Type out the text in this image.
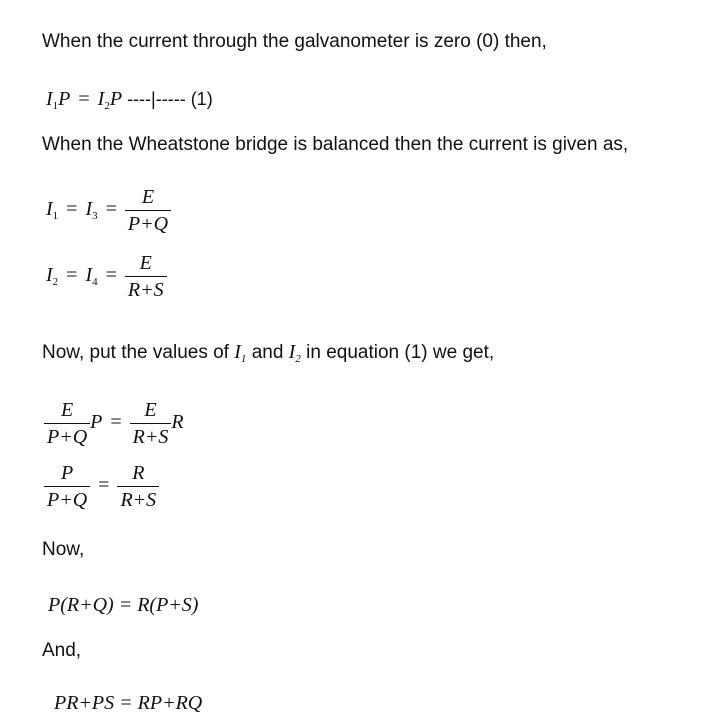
When the current through the galvanometer is zero (0) then,
$I_1P = I_2P$ ----|----- (1)
When the Wheatstone bridge is balanced then the current is given as,
$I_1 = I_3 = \frac{E}{P+Q}$
$I_2 = I_4 = \frac{E}{R+S}$
Now, put the values of $I_1$ and $I_2$ in equation (1) we get,
$\frac{E}{P+Q}$ $P = \frac{E}{R+S}$ R
$\frac{P}{P+Q} = \frac{R}{R+S}$
Now,
P(R+Q) = R(P+S)
And,
PR+PS = RP+RQ
